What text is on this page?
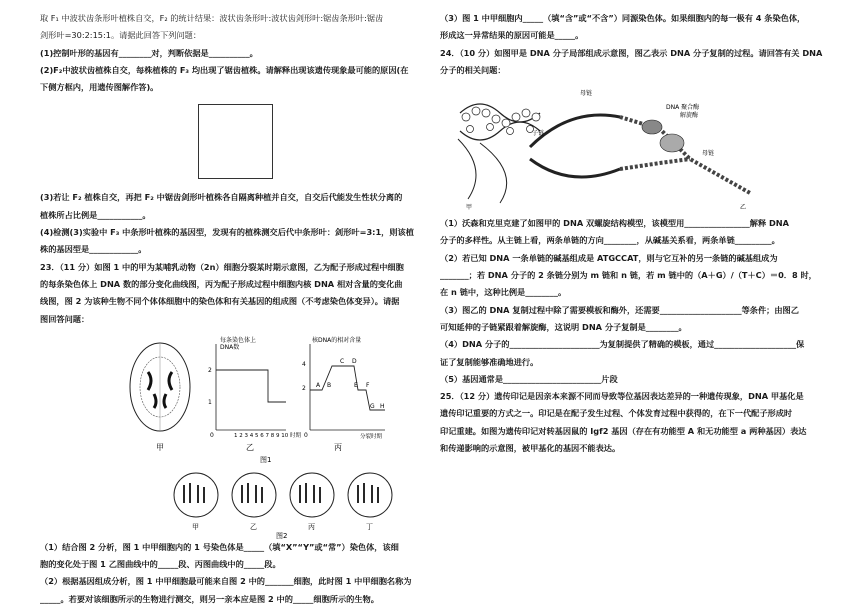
取 F₁ 中波状齿条形叶植株自交，F₂ 的统计结果：波状齿条形叶:波状齿剑形叶:锯齿条形叶:锯齿

剑形叶=30:2:15:1。请据此回答下列问题：

(1)控制叶形的基因有________对，判断依据是__________。

(2)F₂中波状齿植株自交，每株植株的 F₃ 均出现了锯齿植株。请解释出现该遗传现象最可能的原因(在

下侧方框内，用遗传图解作答)。

(3)若让 F₂ 植株自交，再把 F₂ 中锯齿剑形叶植株各自隔离种植并自交，自交后代能发生性状分离的

植株所占比例是___________。

(4)检测(3)实验中 F₃ 中条形叶植株的基因型，发现有的植株测交后代中条形叶：剑形叶=3:1，则该植

株的基因型是____________。

23．（11 分）如图 1 中的甲为某哺乳动物（2n）细胞分裂某时期示意图，乙为配子形成过程中细胞

的每条染色体上 DNA 数的部分变化曲线图，丙为配子形成过程中细胞内核 DNA 相对含量的变化曲

线图，图 2 为该种生物不同个体体细胞中的染色体和有关基因的组成图（不考虑染色体变异）。请据

图回答问题：

甲
2
1
0
每条染色体上
DNA数
1 2 3 4 5 6 7 8 9 10 时期
乙
4
2
0
核DNA的相对含量
A B
C D
E F
G H
分裂时期
丙
图1
甲	乙	丙	丁
图2

（1）结合图 2 分析，图 1 中甲细胞内的 1 号染色体是_____（填“X”“Y”或“常”）染色体，该细

胞的变化处于图 1 乙图曲线中的_____段、丙图曲线中的_____段。

（2）根据基因组成分析，图 1 中甲细胞最可能来自图 2 中的_______细胞，此时图 1 中甲细胞名称为

_____。若要对该细胞所示的生物进行测交，则另一亲本应是图 2 中的_____细胞所示的生物。

（3）图 1 中甲细胞内_____（填“含”或“不含”）同源染色体。如果细胞内的每一极有 4 条染色体，

形成这一异常结果的原因可能是_____。

24．（10 分）如图甲是 DNA 分子局部组成示意图，图乙表示 DNA 分子复制的过程。请回答有关 DNA

分子的相关问题：

甲
母链
DNA 聚合酶
解旋酶
子链
母链
乙

（1）沃森和克里克建了如图甲的 DNA 双螺旋结构模型，该模型用________________解释 DNA

分子的多样性。从主链上看，两条单链的方向________，从碱基关系看，两条单链_________。

（2）若已知 DNA 一条单链的碱基组成是 ATGCCAT，则与它互补的另一条链的碱基组成为

_______；若 DNA 分子的 2 条链分别为 m 链和 n 链，若 m 链中的（A＋G）/（T＋C）＝0．8 时，

在 n 链中，这种比例是________。

（3）图乙的 DNA 复制过程中除了需要模板和酶外，还需要____________________等条件；由图乙

可知延伸的子链紧跟着解旋酶，这说明 DNA 分子复制是________。

（4）DNA 分子的______________________为复制提供了精确的模板，通过____________________保

证了复制能够准确地进行。

（5）基因通常是________________________片段

25．（12 分）遗传印记是因亲本来源不同而导致等位基因表达差异的一种遗传现象，DNA 甲基化是

遗传印记重要的方式之一。印记是在配子发生过程、个体发育过程中获得的，在下一代配子形成时

印记重建。如图为遗传印记对转基因鼠的 Igf2 基因（存在有功能型 A 和无功能型 a 两种基因）表达

和传递影响的示意图，被甲基化的基因不能表达。
